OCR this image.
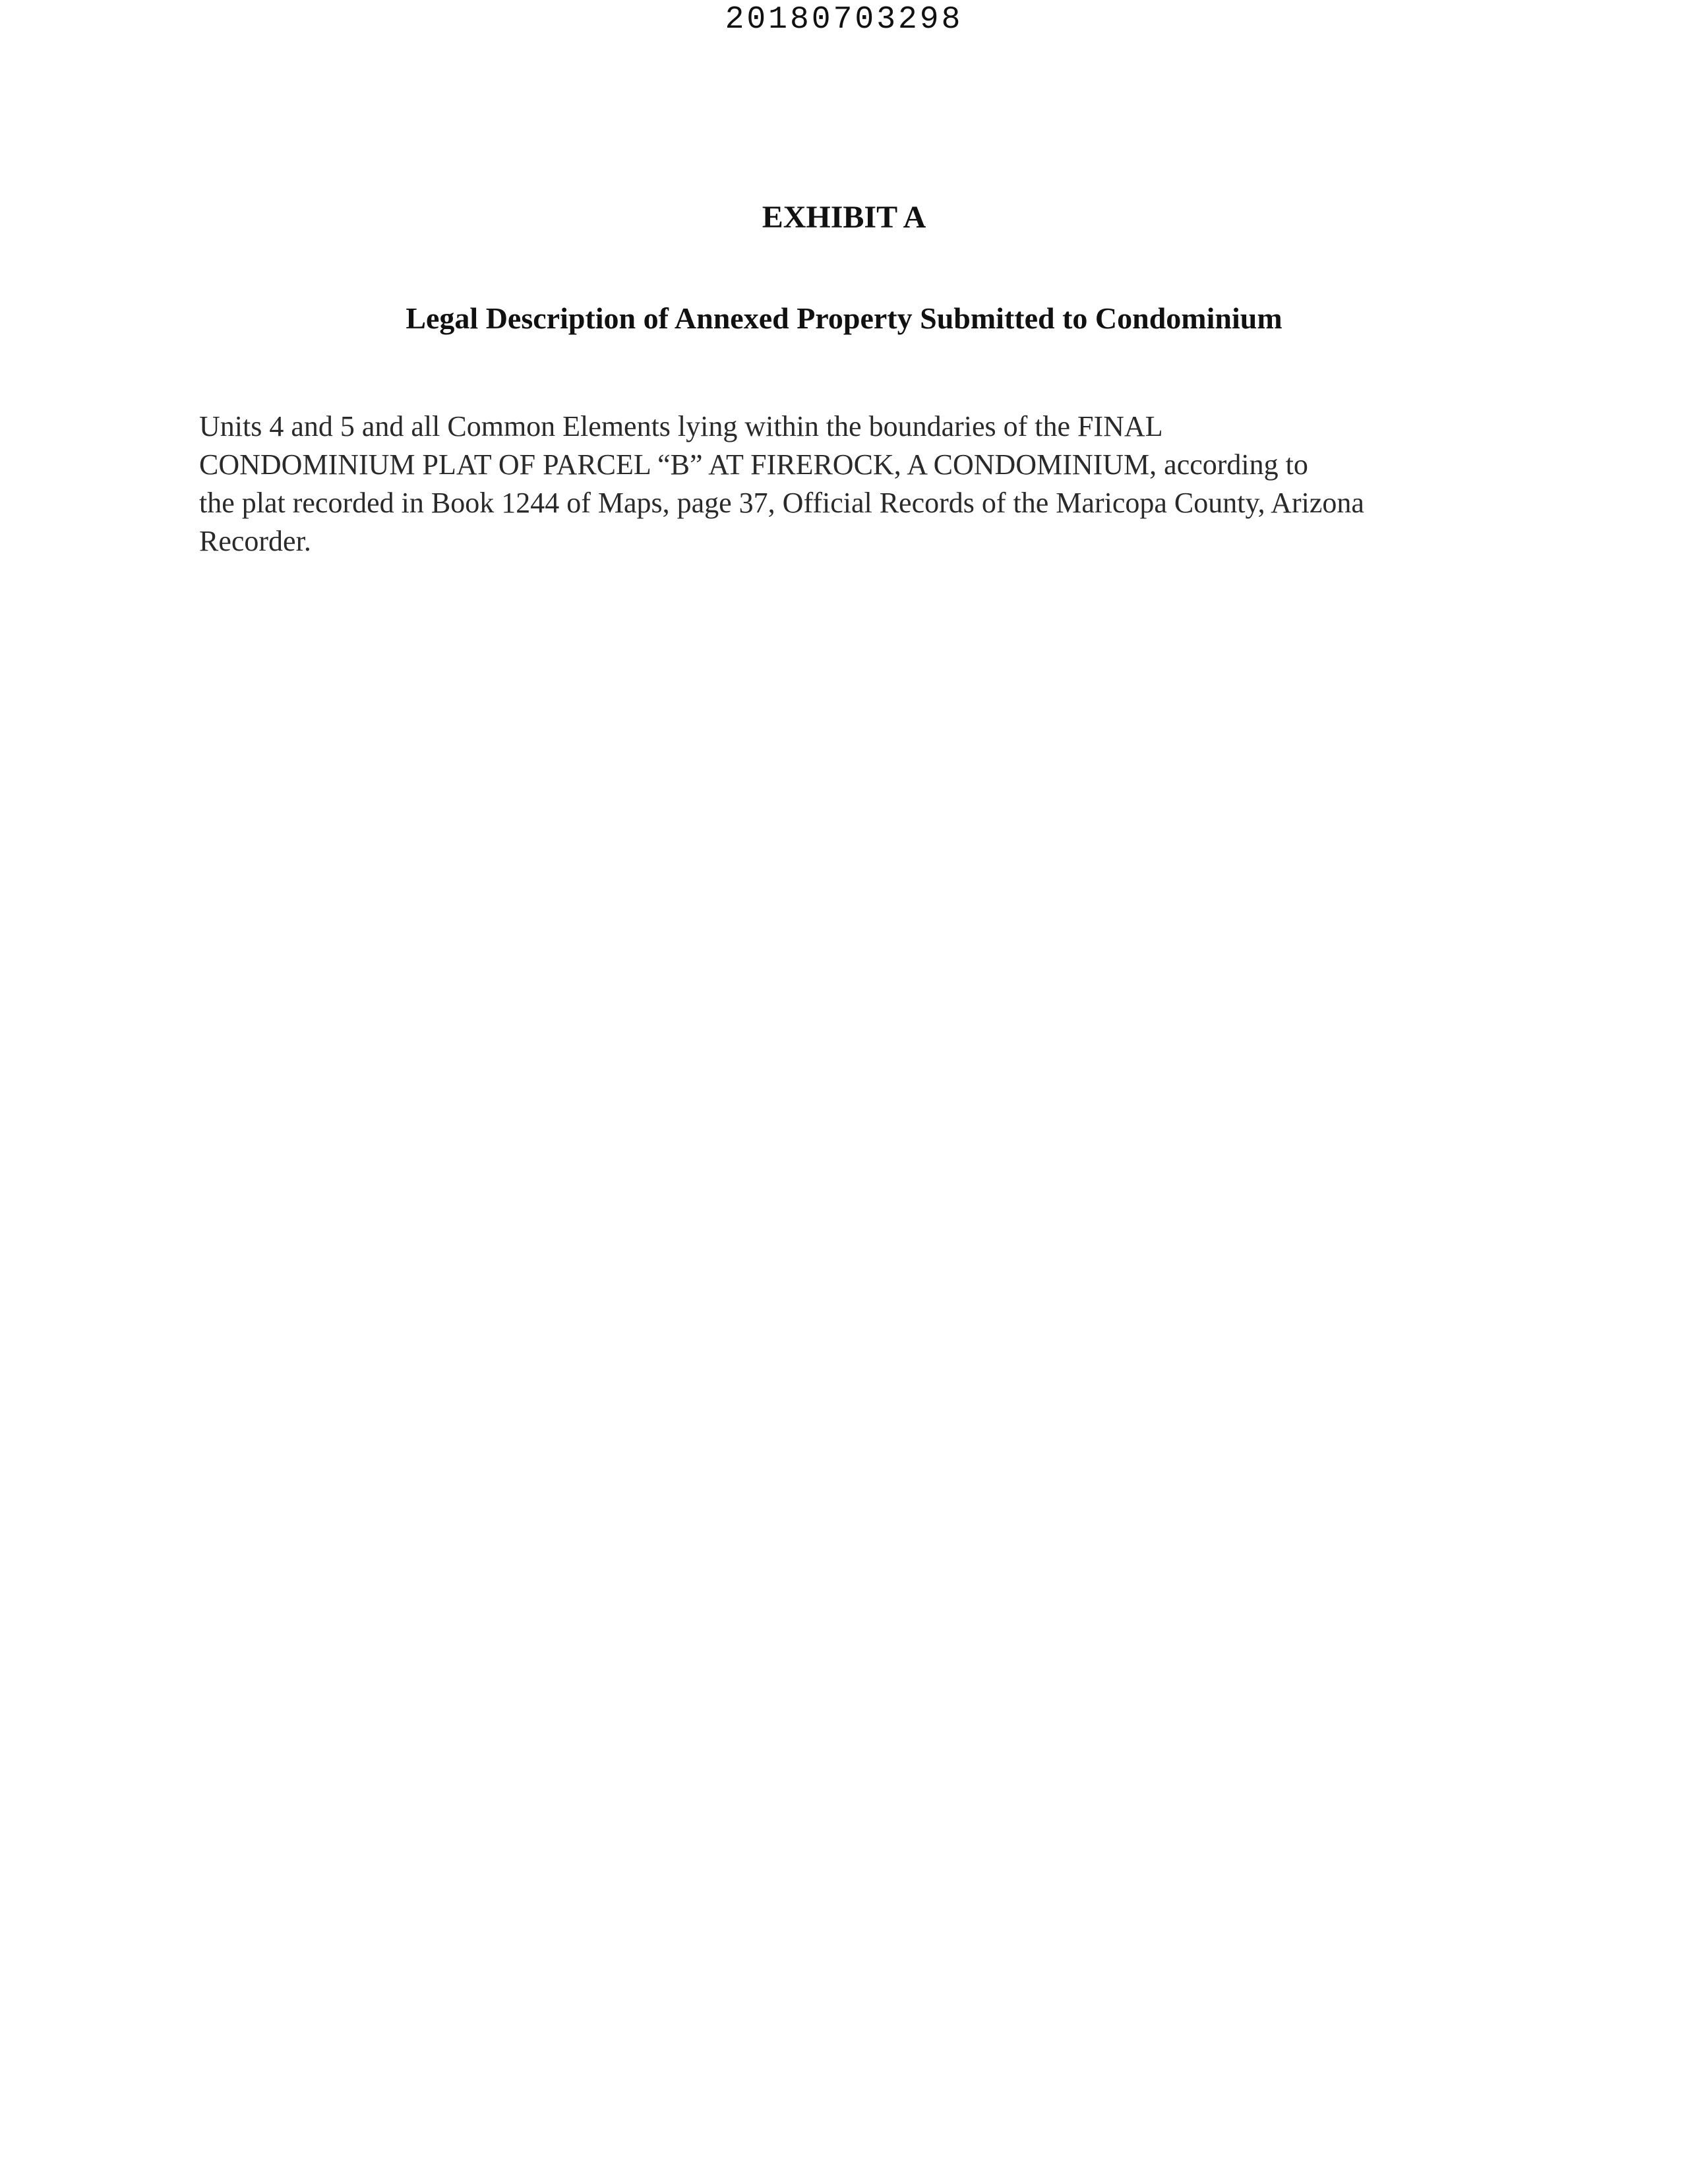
20180703298
EXHIBIT A
Legal Description of Annexed Property Submitted to Condominium
Units 4 and 5 and all Common Elements lying within the boundaries of the FINAL
CONDOMINIUM PLAT OF PARCEL “B” AT FIREROCK, A CONDOMINIUM, according to
the plat recorded in Book 1244 of Maps, page 37, Official Records of the Maricopa County, Arizona
Recorder.
